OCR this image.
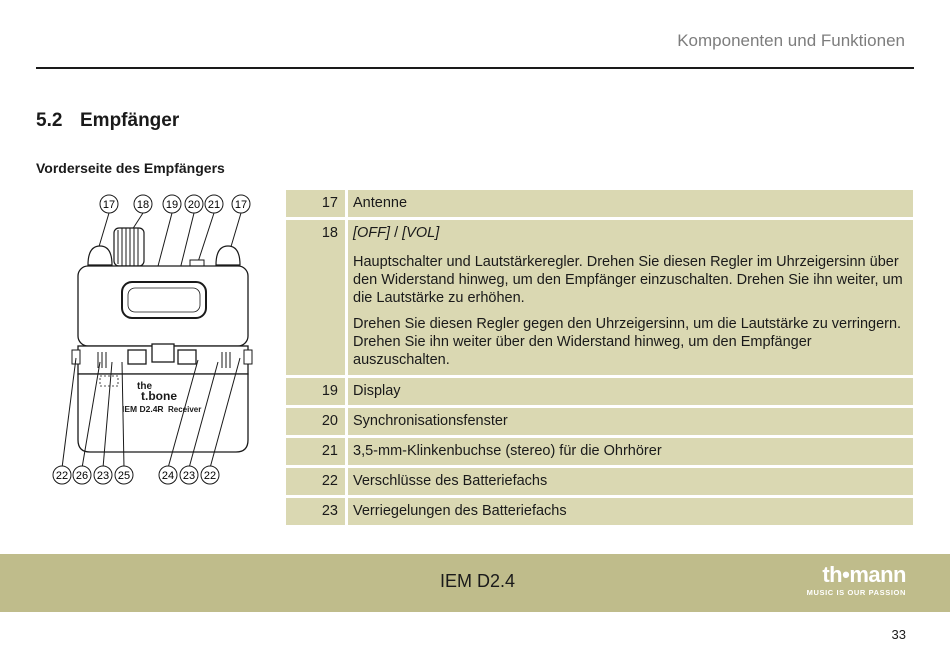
Komponenten und Funktionen
5.2 Empfänger
Vorderseite des Empfängers
the
t.bone
IEM D2.4R Receiver
17 18 19 20 21 17
22 26 23 25	24 23 22
17	Antenne
18	[OFF] / [VOL]

Hauptschalter und Lautstärkeregler. Drehen Sie diesen Regler im Uhrzeigersinn über den Widerstand hinweg, um den Empfänger einzuschalten. Drehen Sie ihn weiter, um die Lautstärke zu erhöhen.

Drehen Sie diesen Regler gegen den Uhrzeigersinn, um die Lautstärke zu verringern. Drehen Sie ihn weiter über den Widerstand hinweg, um den Empfänger auszuschalten.

19	Display
20	Synchronisationsfenster
21	3,5-mm-Klinkenbuchse (stereo) für die Ohrhörer
22	Verschlüsse des Batteriefachs
23	Verriegelungen des Batteriefachs
IEM D2.4	th•mann
MUSIC IS OUR PASSION
33
